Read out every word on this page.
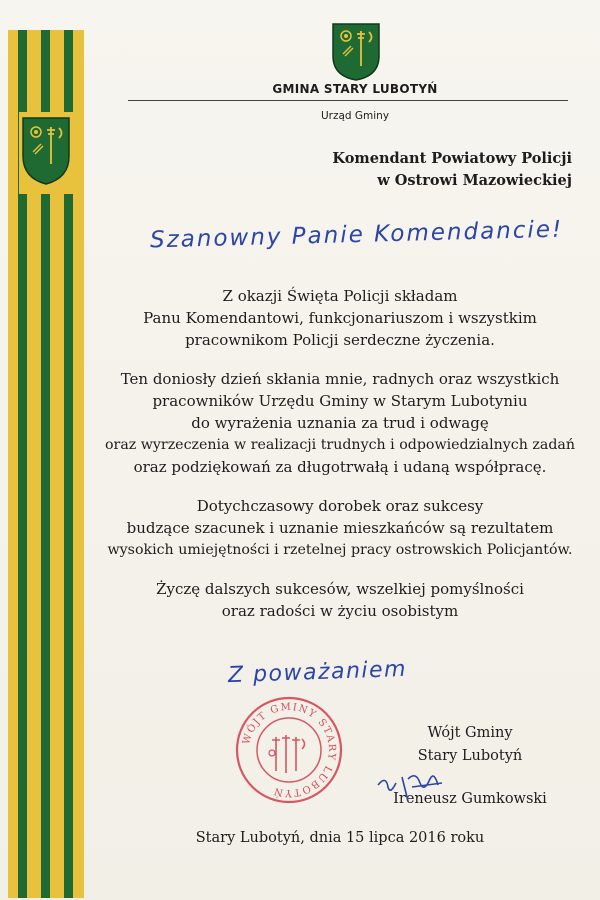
GMINA STARY LUBOTYŃ
Urząd Gminy
Komendant Powiatowy Policji
w Ostrowi Mazowieckiej
Szanowny Panie Komendancie!

Z okazji Święta Policji składam
Panu Komendantowi, funkcjonariuszom i wszystkim
pracownikom Policji serdeczne życzenia.

Ten doniosły dzień skłania mnie, radnych oraz wszystkich
pracowników Urzędu Gminy w Starym Lubotyniu
do wyrażenia uznania za trud i odwagę
oraz wyrzeczenia w realizacji trudnych i odpowiedzialnych zadań
oraz podziękowań za długotrwałą i udaną współpracę.

Dotychczasowy dorobek oraz sukcesy
budzące szacunek i uznanie mieszkańców są rezultatem
wysokich umiejętności i rzetelnej pracy ostrowskich Policjantów.

Życzę dalszych sukcesów, wszelkiej pomyślności
oraz radości w życiu osobistym

Z poważaniem
WÓJT GMINY STARY LUBOTYŃ
Wójt Gminy
Stary Lubotyń
Ireneusz Gumkowski
Stary Lubotyń, dnia 15 lipca 2016 roku
